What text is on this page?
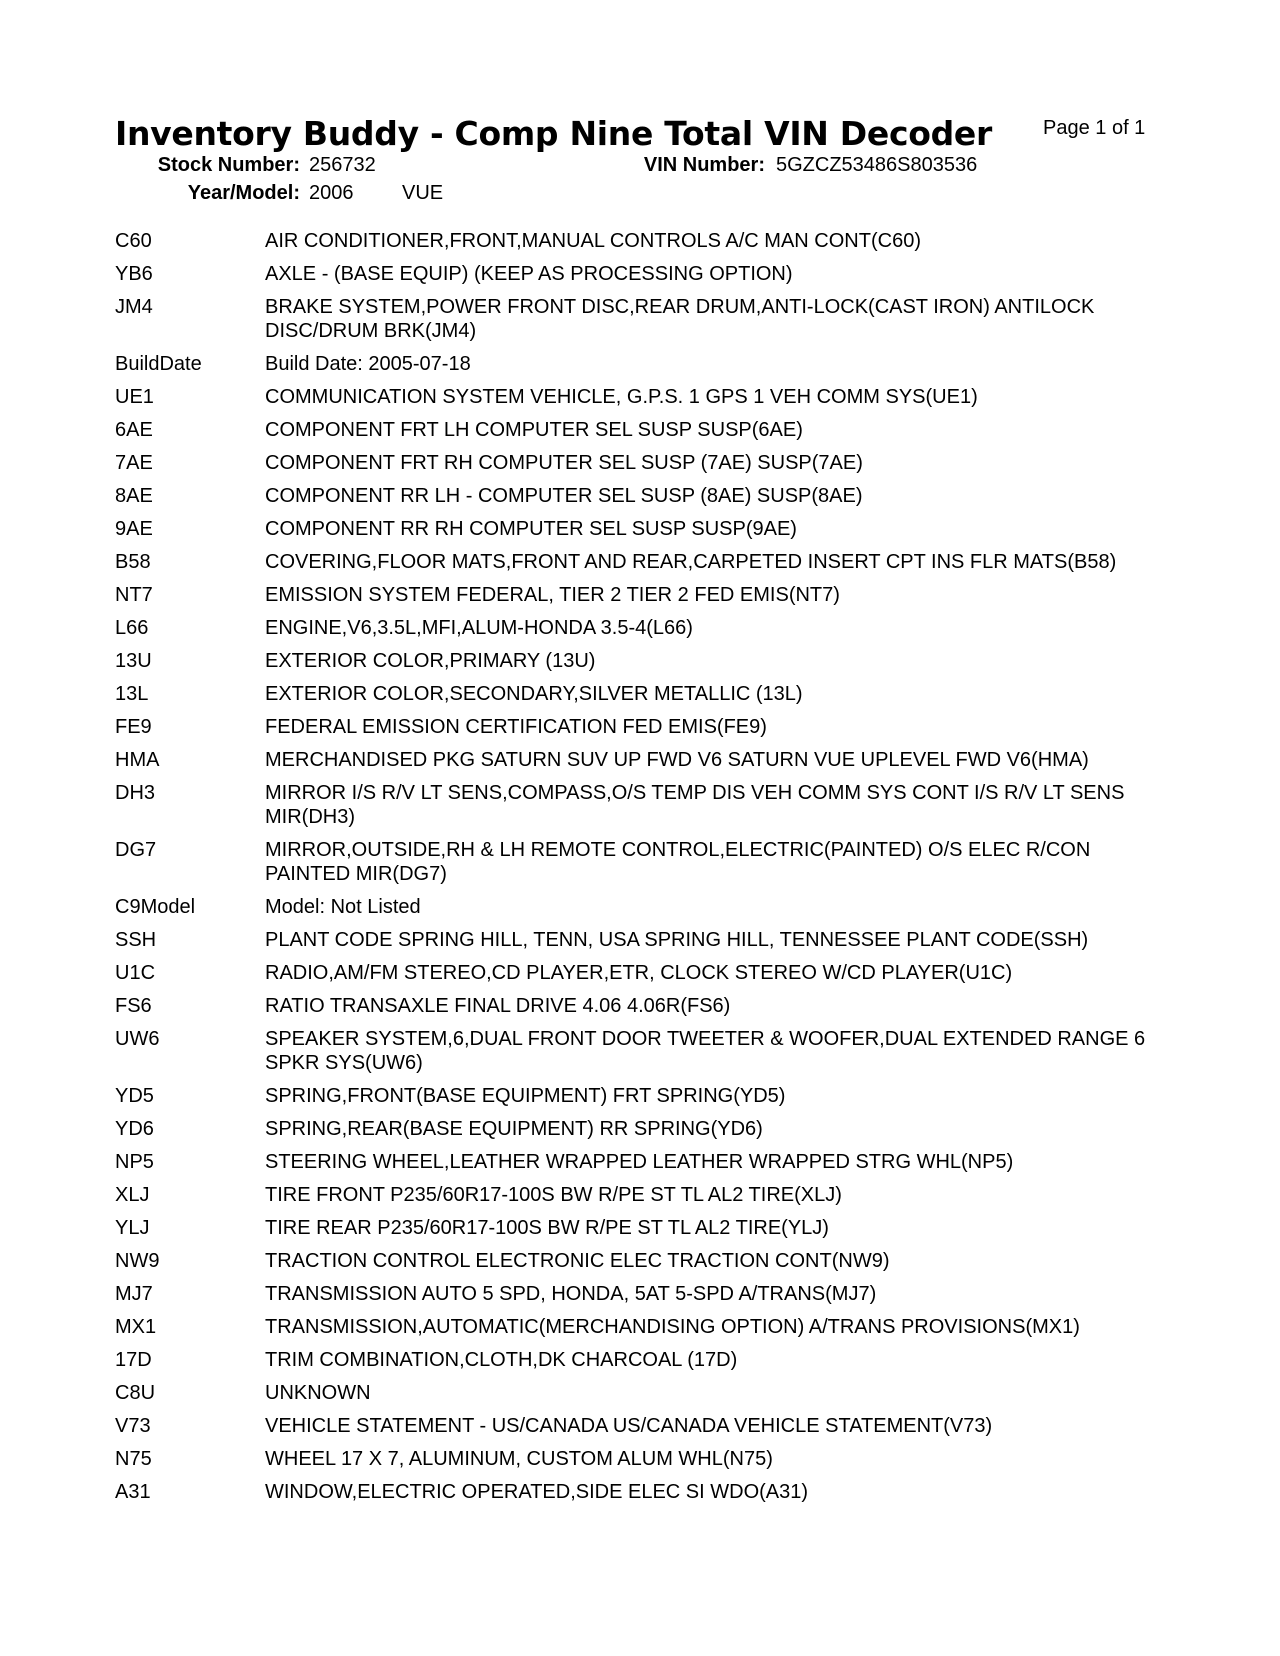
Inventory Buddy - Comp Nine Total VIN Decoder	Page 1 of 1
Stock Number: 256732	VIN Number: 5GZCZ53486S803536
Year/Model: 2006 VUE
C60	AIR CONDITIONER,FRONT,MANUAL CONTROLS A/C MAN CONT(C60)
YB6	AXLE - (BASE EQUIP) (KEEP AS PROCESSING OPTION)
JM4	BRAKE SYSTEM,POWER FRONT DISC,REAR DRUM,ANTI-LOCK(CAST IRON) ANTILOCK DISC/DRUM BRK(JM4)
BuildDate	Build Date: 2005-07-18
UE1	COMMUNICATION SYSTEM VEHICLE, G.P.S. 1 GPS 1 VEH COMM SYS(UE1)
6AE	COMPONENT FRT LH COMPUTER SEL SUSP SUSP(6AE)
7AE	COMPONENT FRT RH COMPUTER SEL SUSP (7AE) SUSP(7AE)
8AE	COMPONENT RR LH - COMPUTER SEL SUSP (8AE) SUSP(8AE)
9AE	COMPONENT RR RH COMPUTER SEL SUSP SUSP(9AE)
B58	COVERING,FLOOR MATS,FRONT AND REAR,CARPETED INSERT CPT INS FLR MATS(B58)
NT7	EMISSION SYSTEM FEDERAL, TIER 2 TIER 2 FED EMIS(NT7)
L66	ENGINE,V6,3.5L,MFI,ALUM-HONDA 3.5-4(L66)
13U	EXTERIOR COLOR,PRIMARY (13U)
13L	EXTERIOR COLOR,SECONDARY,SILVER METALLIC (13L)
FE9	FEDERAL EMISSION CERTIFICATION FED EMIS(FE9)
HMA	MERCHANDISED PKG SATURN SUV UP FWD V6 SATURN VUE UPLEVEL FWD V6(HMA)
DH3	MIRROR I/S R/V LT SENS,COMPASS,O/S TEMP DIS VEH COMM SYS CONT I/S R/V LT SENS MIR(DH3)
DG7	MIRROR,OUTSIDE,RH & LH REMOTE CONTROL,ELECTRIC(PAINTED) O/S ELEC R/CON PAINTED MIR(DG7)
C9Model	Model: Not Listed
SSH	PLANT CODE SPRING HILL, TENN, USA SPRING HILL, TENNESSEE PLANT CODE(SSH)
U1C	RADIO,AM/FM STEREO,CD PLAYER,ETR, CLOCK STEREO W/CD PLAYER(U1C)
FS6	RATIO TRANSAXLE FINAL DRIVE 4.06 4.06R(FS6)
UW6	SPEAKER SYSTEM,6,DUAL FRONT DOOR TWEETER & WOOFER,DUAL EXTENDED RANGE 6 SPKR SYS(UW6)
YD5	SPRING,FRONT(BASE EQUIPMENT) FRT SPRING(YD5)
YD6	SPRING,REAR(BASE EQUIPMENT) RR SPRING(YD6)
NP5	STEERING WHEEL,LEATHER WRAPPED LEATHER WRAPPED STRG WHL(NP5)
XLJ	TIRE FRONT P235/60R17-100S BW R/PE ST TL AL2 TIRE(XLJ)
YLJ	TIRE REAR P235/60R17-100S BW R/PE ST TL AL2 TIRE(YLJ)
NW9	TRACTION CONTROL ELECTRONIC ELEC TRACTION CONT(NW9)
MJ7	TRANSMISSION AUTO 5 SPD, HONDA, 5AT 5-SPD A/TRANS(MJ7)
MX1	TRANSMISSION,AUTOMATIC(MERCHANDISING OPTION) A/TRANS PROVISIONS(MX1)
17D	TRIM COMBINATION,CLOTH,DK CHARCOAL (17D)
C8U	UNKNOWN
V73	VEHICLE STATEMENT - US/CANADA US/CANADA VEHICLE STATEMENT(V73)
N75	WHEEL 17 X 7, ALUMINUM, CUSTOM ALUM WHL(N75)
A31	WINDOW,ELECTRIC OPERATED,SIDE ELEC SI WDO(A31)
